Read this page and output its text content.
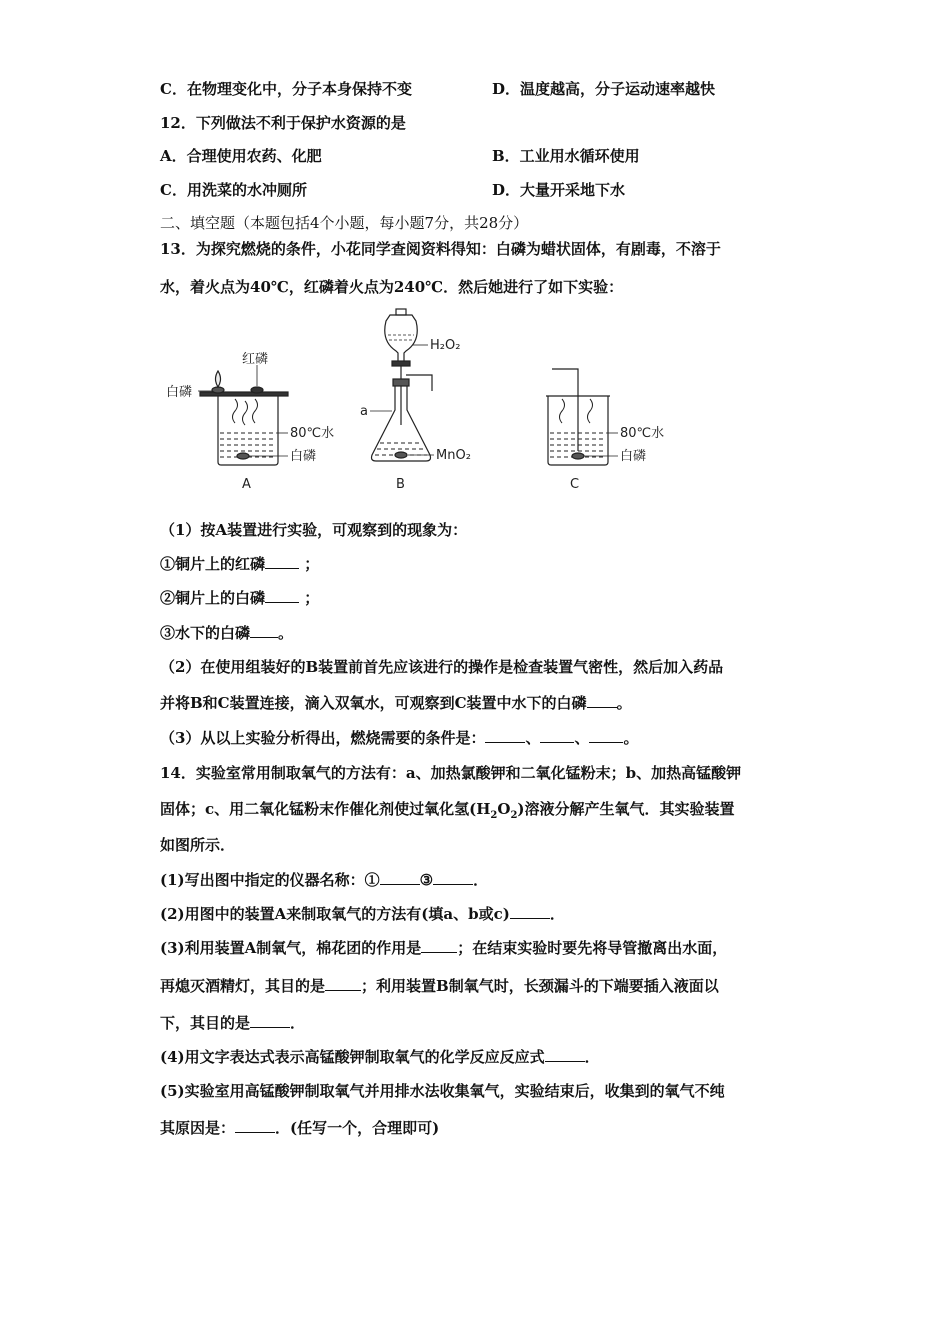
C．在物理变化中，分子本身保持不变	D．温度越高，分子运动速率越快
12．下列做法不利于保护水资源的是
A．合理使用农药、化肥	B．工业用水循环使用
C．用洗菜的水冲厕所	D．大量开采地下水
二、填空题（本题包括4个小题，每小题7分，共28分）
13．为探究燃烧的条件，小花同学查阅资料得知：白磷为蜡状固体，有剧毒，不溶于
水，着火点为40℃，红磷着火点为240℃．然后她进行了如下实验：
红磷
白磷
80℃水
白磷
A
H₂O₂
a
MnO₂
B
80℃水
白磷
C
（1）按A装置进行实验，可观察到的现象为：
①铜片上的红磷	；
②铜片上的白磷	；
③水下的白磷 。
（2）在使用组装好的B装置前首先应该进行的操作是检查装置气密性，然后加入药品
并将B和C装置连接，滴入双氧水，可观察到C装置中水下的白磷 。
（3）从以上实验分析得出，燃烧需要的条件是：	、 、 。
14．实验室常用制取氧气的方法有：a、加热氯酸钾和二氧化锰粉末；b、加热高锰酸钾
固体；c、用二氧化锰粉末作催化剂使过氧化氢$(H_2O_2)$溶液分解产生氧气．其实验装置
如图所示．
(1)写出图中指定的仪器名称：①	③	．
(2)用图中的装置A来制取氧气的方法有(填a、b或c)	．
(3)利用装置A制氧气，棉花团的作用是 ；在结束实验时要先将导管撤离出水面，
再熄灭酒精灯，其目的是 ；利用装置B制氧气时，长颈漏斗的下端要插入液面以
下，其目的是	．
(4)用文字表达式表示高锰酸钾制取氧气的化学反应反应式	．
(5)实验室用高锰酸钾制取氧气并用排水法收集氧气，实验结束后，收集到的氧气不纯
其原因是：	．(任写一个，合理即可)
